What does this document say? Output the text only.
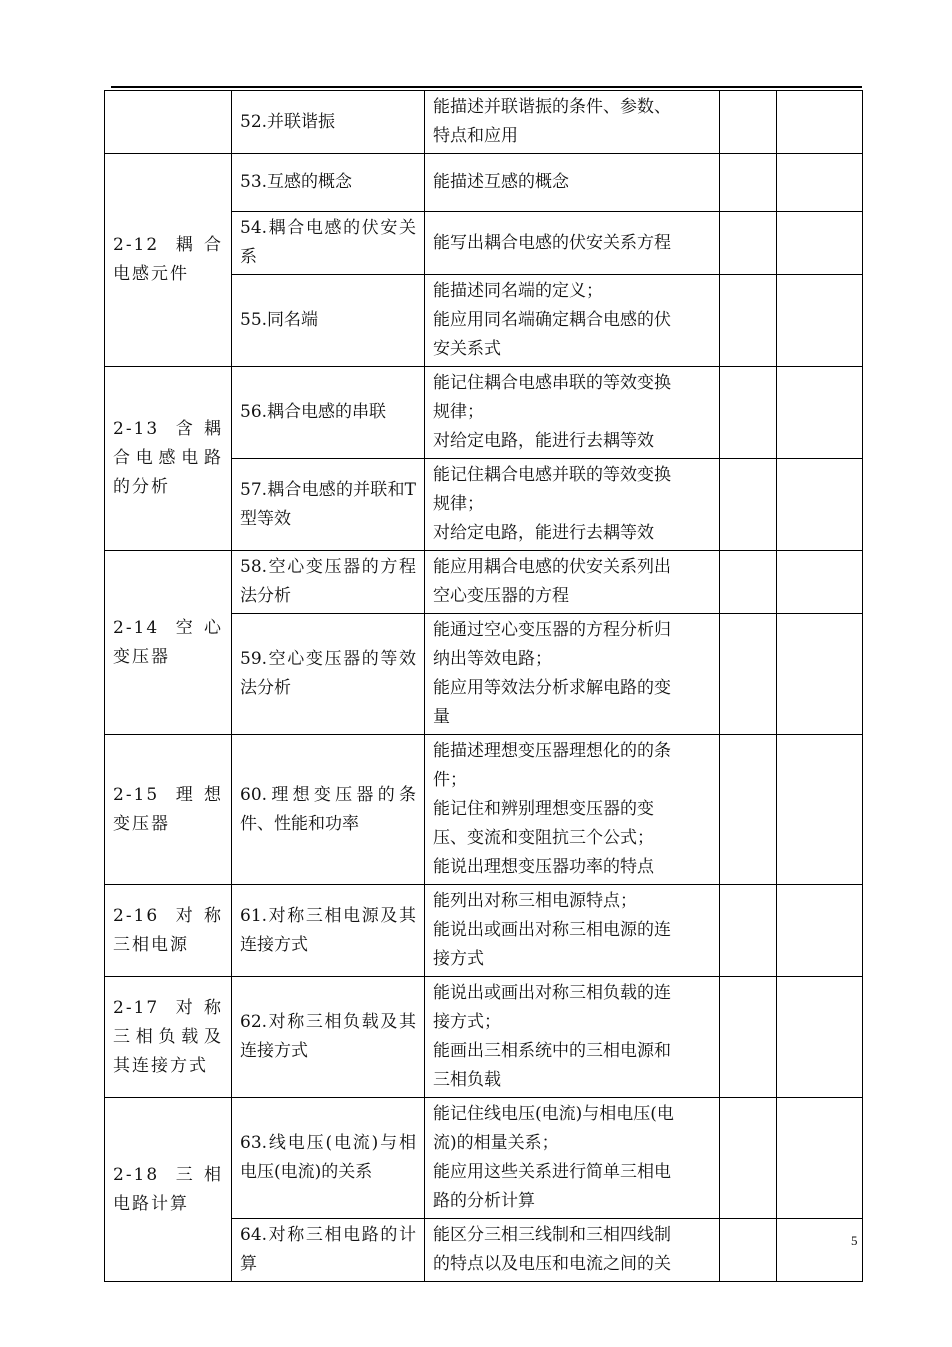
	52.并联谐振	能描述并联谐振的条件、参数、
特点和应用		
2-12 耦合电感元件	53.互感的概念	能描述互感的概念		
	54.耦合电感的伏安关系	能写出耦合电感的伏安关系方程		
	55.同名端	能描述同名端的定义；
能应用同名端确定耦合电感的伏
安关系式		
2-13 含耦合电感电路的分析	56.耦合电感的串联	能记住耦合电感串联的等效变换
规律；
对给定电路，能进行去耦等效		
	57.耦合电感的并联和T型等效	能记住耦合电感并联的等效变换
规律；
对给定电路，能进行去耦等效		
2-14 空心变压器	58.空心变压器的方程法分析	能应用耦合电感的伏安关系列出
空心变压器的方程		
	59.空心变压器的等效法分析	能通过空心变压器的方程分析归
纳出等效电路；
能应用等效法分析求解电路的变
量		
2-15 理想变压器	60.理想变压器的条件、性能和功率	能描述理想变压器理想化的的条
件；
能记住和辨别理想变压器的变
压、变流和变阻抗三个公式；
能说出理想变压器功率的特点		
2-16 对称三相电源	61.对称三相电源及其连接方式	能列出对称三相电源特点；
能说出或画出对称三相电源的连
接方式		
2-17 对称三相负载及其连接方式	62.对称三相负载及其连接方式	能说出或画出对称三相负载的连
接方式；
能画出三相系统中的三相电源和
三相负载		
2-18 三相电路计算	63.线电压(电流)与相电压(电流)的关系	能记住线电压(电流)与相电压(电
流)的相量关系；
能应用这些关系进行简单三相电
路的分析计算		
	64.对称三相电路的计算	能区分三相三线制和三相四线制
的特点以及电压和电流之间的关		
5
